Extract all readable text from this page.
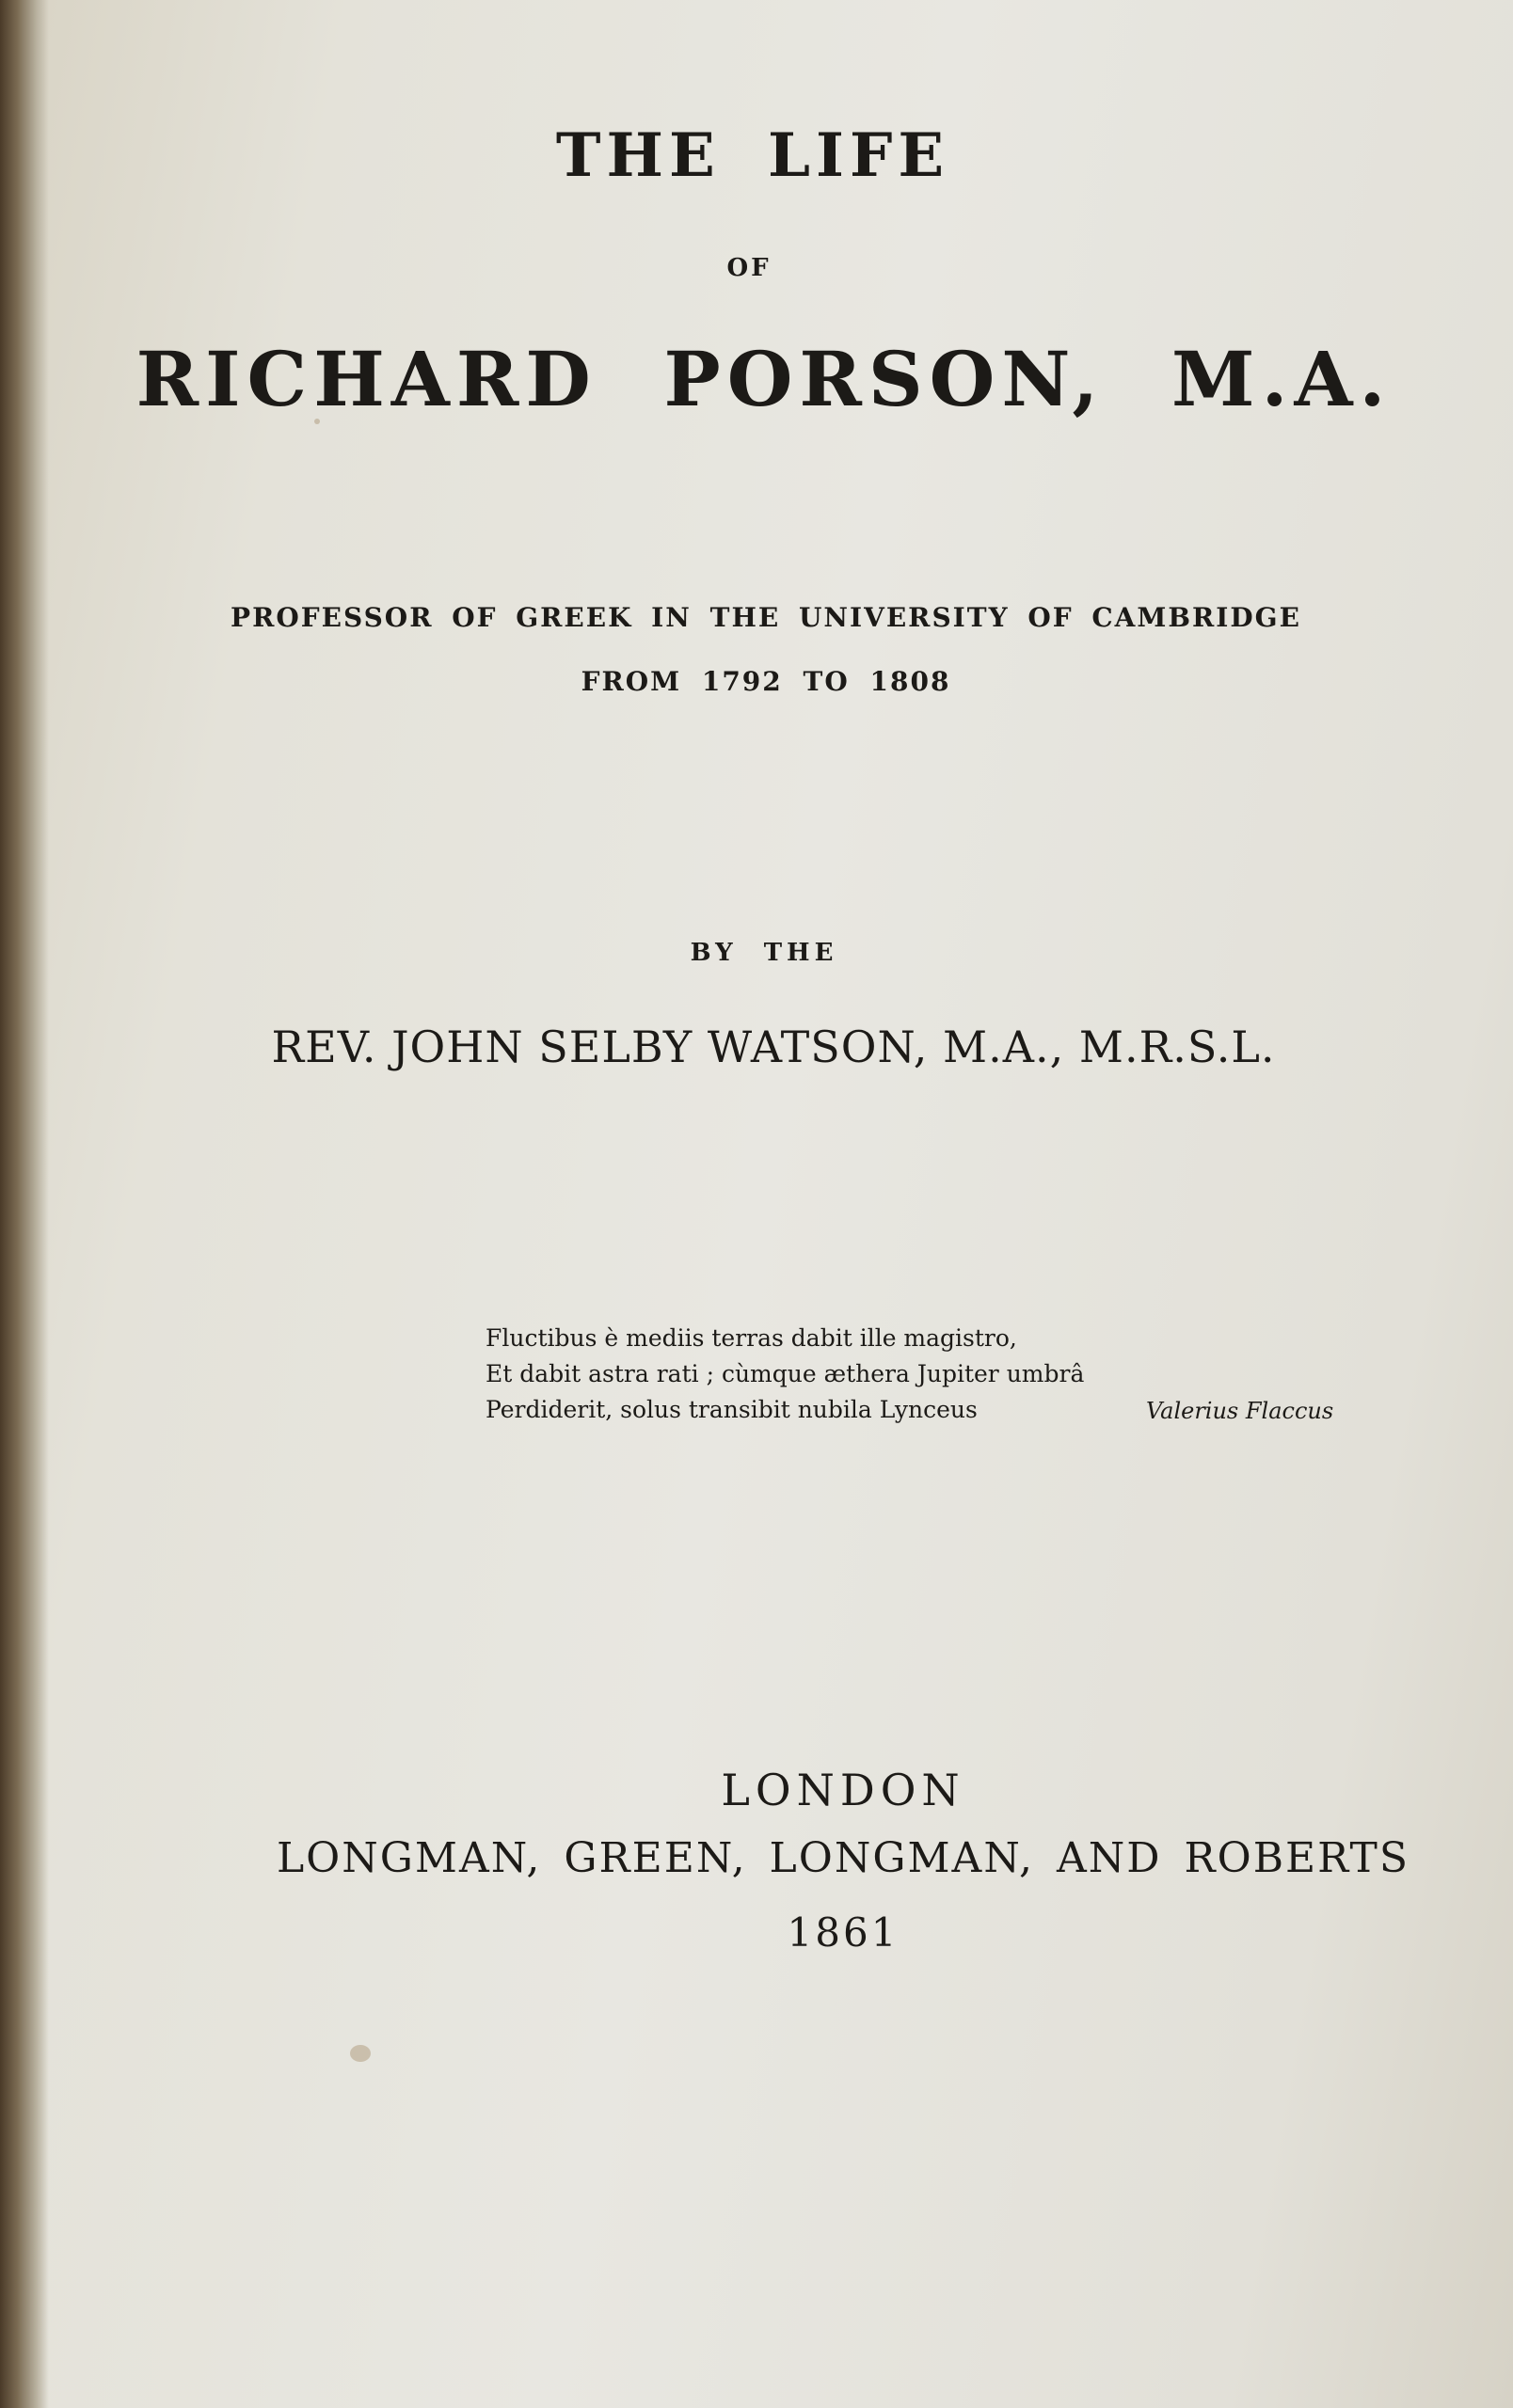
THE LIFE
OF
RICHARD PORSON, M.A.
PROFESSOR OF GREEK IN THE UNIVERSITY OF CAMBRIDGE
FROM 1792 TO 1808
BY THE
REV. JOHN SELBY WATSON, M.A., M.R.S.L.
Fluctibus è mediis terras dabit ille magistro,
Et dabit astra rati ; cùmque æthera Jupiter umbrâ
Perdiderit, solus transibit nubila Lynceus	Valerius Flaccus
LONDON
LONGMAN, GREEN, LONGMAN, AND ROBERTS
1861
